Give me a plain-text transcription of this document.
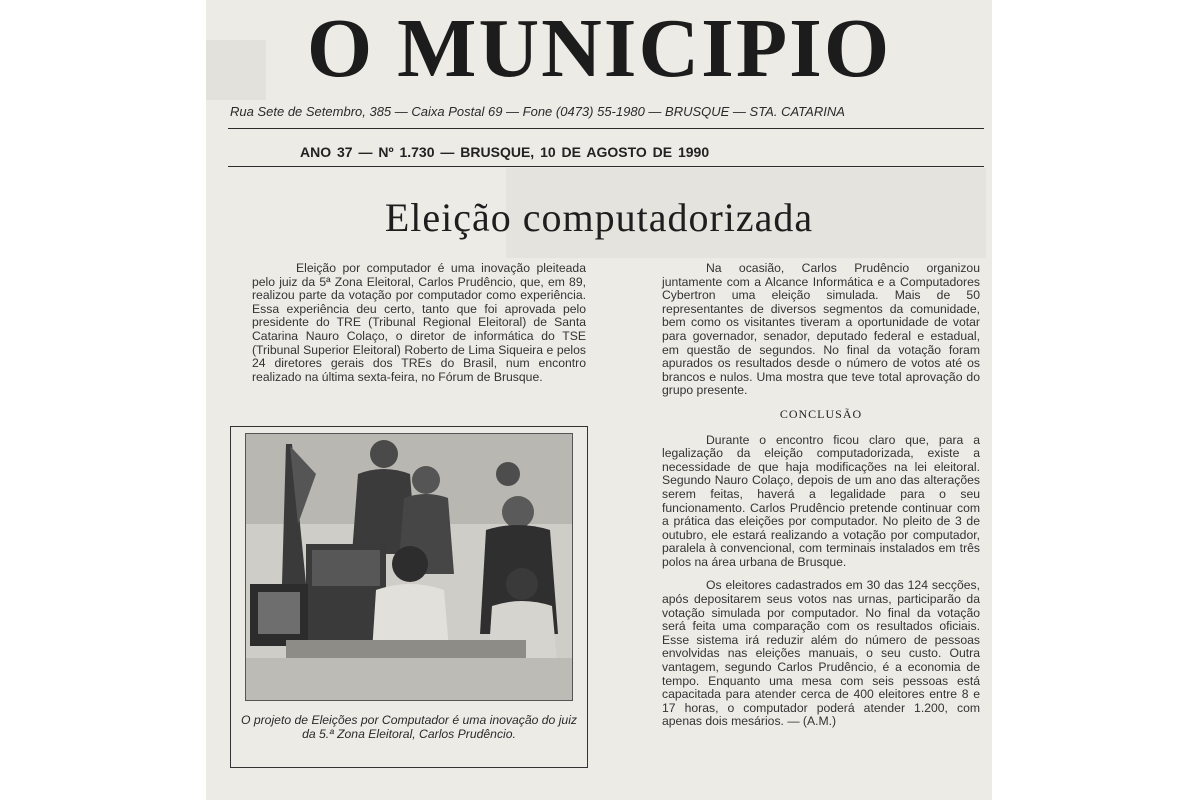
O MUNICIPIO
Rua Sete de Setembro, 385 — Caixa Postal 69 — Fone (0473) 55-1980 — BRUSQUE — STA. CATARINA
ANO 37 — Nº 1.730 — BRUSQUE, 10 DE AGOSTO DE 1990
Eleição computadorizada

Eleição por computador é uma inovação pleiteada pelo juiz da 5ª Zona Eleitoral, Carlos Prudêncio, que, em 89, realizou parte da votação por computador como experiência. Essa experiência deu certo, tanto que foi aprovada pelo presidente do TRE (Tribunal Regional Eleitoral) de Santa Catarina Nauro Colaço, o diretor de informática do TSE (Tribunal Superior Eleitoral) Roberto de Lima Siqueira e pelos 24 diretores gerais dos TREs do Brasil, num encontro realizado na última sexta-feira, no Fórum de Brusque.

O projeto de Eleições por Computador é uma inovação do juiz da 5.ª Zona Eleitoral, Carlos Prudêncio.

Na ocasião, Carlos Prudêncio organizou juntamente com a Alcance Informática e a Computadores Cybertron uma eleição simulada. Mais de 50 representantes de diversos segmentos da comunidade, bem como os visitantes tiveram a oportunidade de votar para governador, senador, deputado federal e estadual, em questão de segundos. No final da votação foram apurados os resultados desde o número de votos até os brancos e nulos. Uma mostra que teve total aprovação do grupo presente.

CONCLUSÃO

Durante o encontro ficou claro que, para a legalização da eleição computadorizada, existe a necessidade de que haja modificações na lei eleitoral. Segundo Nauro Colaço, depois de um ano das alterações serem feitas, haverá a legalidade para o seu funcionamento. Carlos Prudêncio pretende continuar com a prática das eleições por computador. No pleito de 3 de outubro, ele estará realizando a votação por computador, paralela à convencional, com terminais instalados em três polos na área urbana de Brusque.

Os eleitores cadastrados em 30 das 124 secções, após depositarem seus votos nas urnas, participarão da votação simulada por computador. No final da votação será feita uma comparação com os resultados oficiais. Esse sistema irá reduzir além do número de pessoas envolvidas nas eleições manuais, o seu custo. Outra vantagem, segundo Carlos Prudêncio, é a economia de tempo. Enquanto uma mesa com seis pessoas está capacitada para atender cerca de 400 eleitores entre 8 e 17 horas, o computador poderá atender 1.200, com apenas dois mesários. — (A.M.)
